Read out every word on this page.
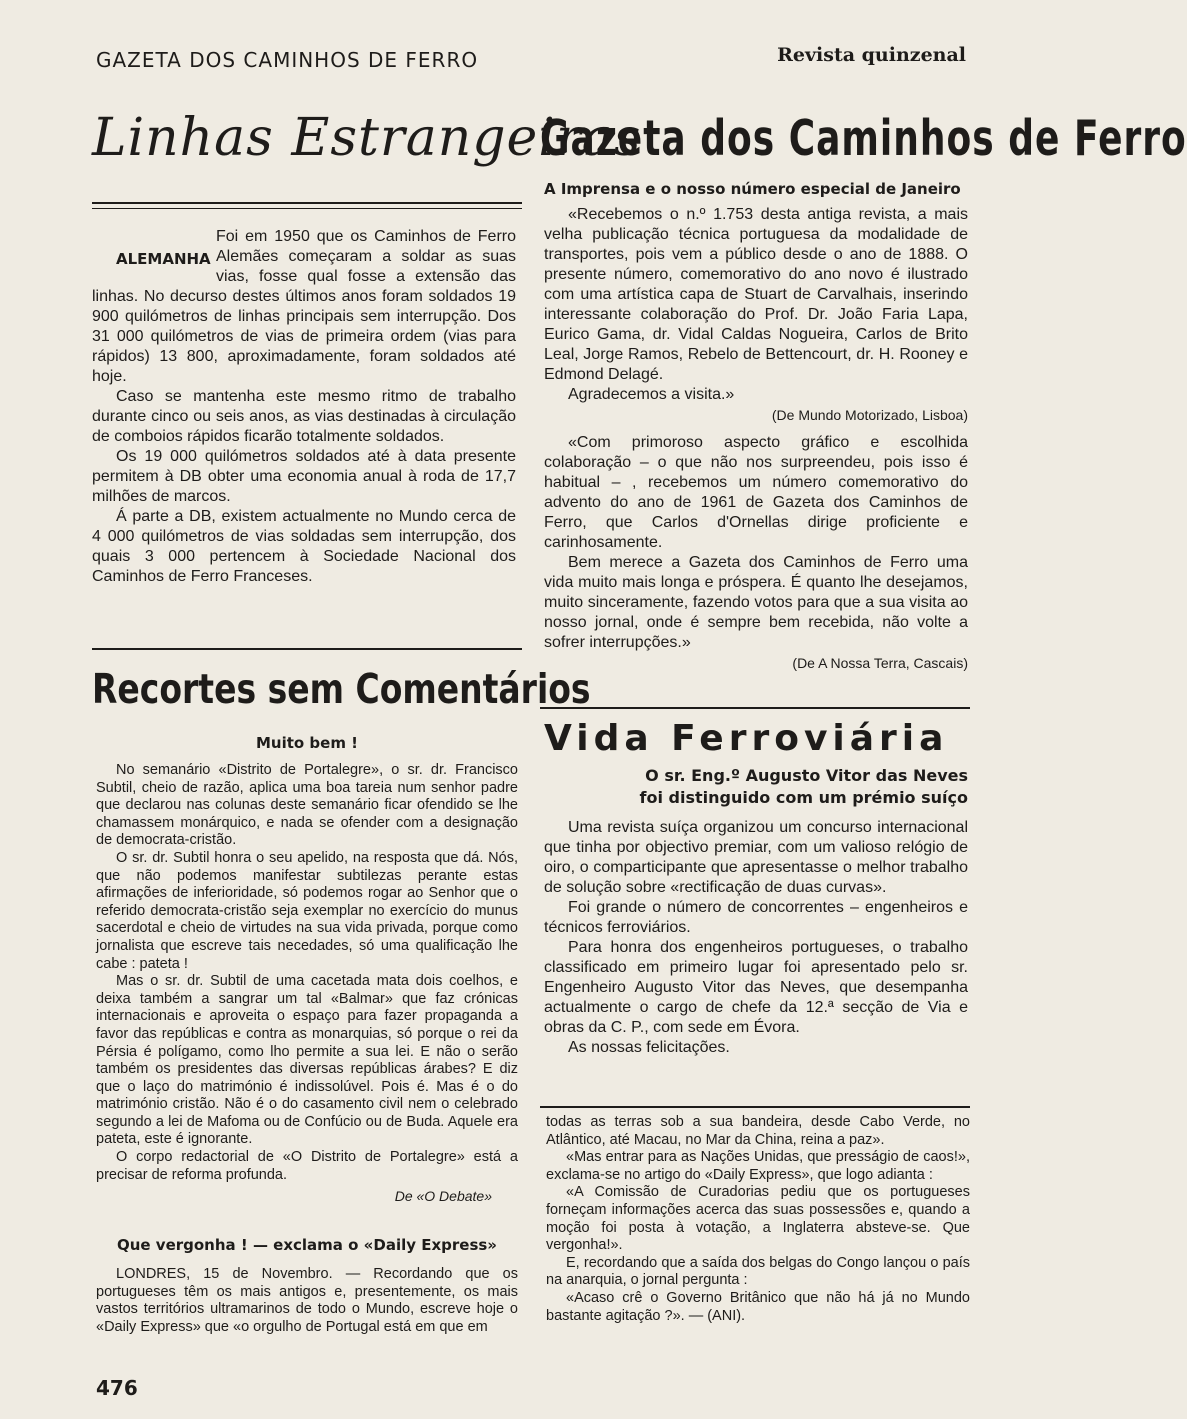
GAZETA DOS CAMINHOS DE FERRO	Revista quinzenal
Linhas Estrangeiras
ALEMANHA

Foi em 1950 que os Caminhos de Ferro Alemães começaram a soldar as suas vias, fosse qual fosse a extensão das linhas. No decurso destes últimos anos foram soldados 19 900 quilómetros de linhas principais sem interrupção. Dos 31 000 quilómetros de vias de primeira ordem (vias para rápidos) 13 800, aproximadamente, foram soldados até hoje.

Caso se mantenha este mesmo ritmo de trabalho durante cinco ou seis anos, as vias destinadas à circulação de comboios rápidos ficarão totalmente soldados.

Os 19 000 quilómetros soldados até à data presente permitem à DB obter uma economia anual à roda de 17,7 milhões de marcos.

Á parte a DB, existem actualmente no Mundo cerca de 4 000 quilómetros de vias soldadas sem interrupção, dos quais 3 000 pertencem à Sociedade Nacional dos Caminhos de Ferro Franceses.

Recortes sem Comentários
Muito bem !

No semanário «Distrito de Portalegre», o sr. dr. Francisco Subtil, cheio de razão, aplica uma boa tareia num senhor padre que declarou nas colunas deste semanário ficar ofendido se lhe chamassem monárquico, e nada se ofender com a designação de democrata-cristão.

O sr. dr. Subtil honra o seu apelido, na resposta que dá. Nós, que não podemos manifestar subtilezas perante estas afirmações de inferioridade, só podemos rogar ao Senhor que o referido democrata-cristão seja exemplar no exercício do munus sacerdotal e cheio de virtudes na sua vida privada, porque como jornalista que escreve tais necedades, só uma qualificação lhe cabe : pateta !

Mas o sr. dr. Subtil de uma cacetada mata dois coelhos, e deixa também a sangrar um tal «Balmar» que faz crónicas internacionais e aproveita o espaço para fazer propaganda a favor das repúblicas e contra as monarquias, só porque o rei da Pérsia é polígamo, como lho permite a sua lei. E não o serão também os presidentes das diversas repúblicas árabes? E diz que o laço do matrimónio é indissolúvel. Pois é. Mas é o do matrimónio cristão. Não é o do casamento civil nem o celebrado segundo a lei de Mafoma ou de Confúcio ou de Buda. Aquele era pateta, este é ignorante.

O corpo redactorial de «O Distrito de Portalegre» está a precisar de reforma profunda.

De «O Debate»

Que vergonha ! — exclama o «Daily Express»

LONDRES, 15 de Novembro. — Recordando que os portugueses têm os mais antigos e, presentemente, os mais vastos territórios ultramarinos de todo o Mundo, escreve hoje o «Daily Express» que «o orgulho de Portugal está em que em

Gazeta dos Caminhos de Ferro
A Imprensa e o nosso número especial de Janeiro

«Recebemos o n.º 1.753 desta antiga revista, a mais velha publicação técnica portuguesa da modalidade de transportes, pois vem a público desde o ano de 1888. O presente número, comemorativo do ano novo é ilustrado com uma artística capa de Stuart de Carvalhais, inserindo interessante colaboração do Prof. Dr. João Faria Lapa, Eurico Gama, dr. Vidal Caldas Nogueira, Carlos de Brito Leal, Jorge Ramos, Rebelo de Bettencourt, dr. H. Rooney e Edmond Delagé.

Agradecemos a visita.»

(De Mundo Motorizado, Lisboa)

«Com primoroso aspecto gráfico e escolhida colaboração – o que não nos surpreendeu, pois isso é habitual – , recebemos um número comemorativo do advento do ano de 1961 de Gazeta dos Caminhos de Ferro, que Carlos d'Ornellas dirige proficiente e carinhosamente.

Bem merece a Gazeta dos Caminhos de Ferro uma vida muito mais longa e próspera. É quanto lhe desejamos, muito sinceramente, fazendo votos para que a sua visita ao nosso jornal, onde é sempre bem recebida, não volte a sofrer interrupções.»

(De A Nossa Terra, Cascais)

Vida Ferroviária
O sr. Eng.º Augusto Vitor das Neves
foi distinguido com um prémio suíço

Uma revista suíça organizou um concurso internacional que tinha por objectivo premiar, com um valioso relógio de oiro, o comparticipante que apresentasse o melhor trabalho de solução sobre «rectificação de duas curvas».

Foi grande o número de concorrentes – engenheiros e técnicos ferroviários.

Para honra dos engenheiros portugueses, o trabalho classificado em primeiro lugar foi apresentado pelo sr. Engenheiro Augusto Vitor das Neves, que desempanha actualmente o cargo de chefe da 12.ª secção de Via e obras da C. P., com sede em Évora.

As nossas felicitações.

todas as terras sob a sua bandeira, desde Cabo Verde, no Atlântico, até Macau, no Mar da China, reina a paz».

«Mas entrar para as Nações Unidas, que presságio de caos!», exclama-se no artigo do «Daily Express», que logo adianta :

«A Comissão de Curadorias pediu que os portugueses forneçam informações acerca das suas possessões e, quando a moção foi posta à votação, a Inglaterra absteve-se. Que vergonha!».

E, recordando que a saída dos belgas do Congo lançou o país na anarquia, o jornal pergunta :

«Acaso crê o Governo Britânico que não há já no Mundo bastante agitação ?». — (ANI).

476
